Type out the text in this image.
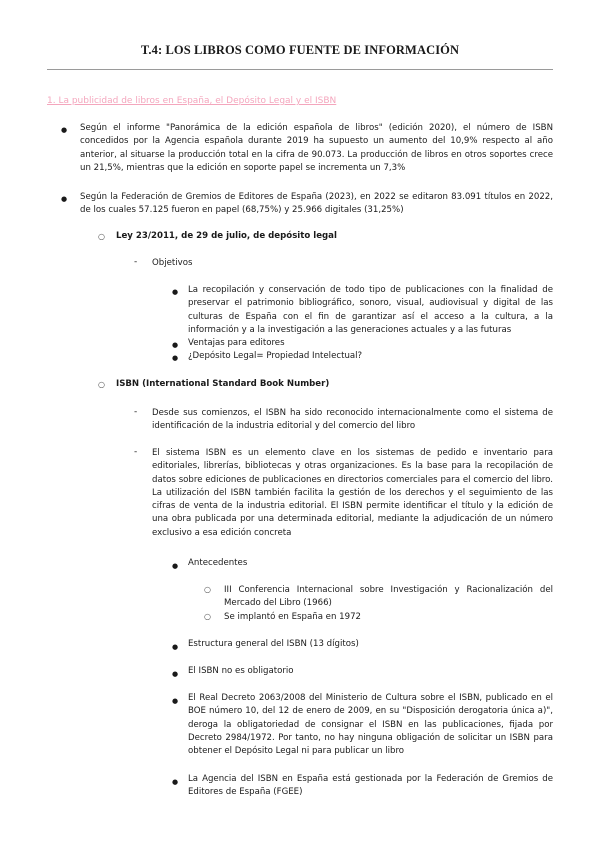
T.4: LOS LIBROS COMO FUENTE DE INFORMACIÓN
1. La publicidad de libros en España, el Depósito Legal y el ISBN
● Según el informe "Panorámica de la edición española de libros" (edición 2020), el número de ISBN concedidos por la Agencia española durante 2019 ha supuesto un aumento del 10,9% respecto al año anterior, al situarse la producción total en la cifra de 90.073. La producción de libros en otros soportes crece un 21,5%, mientras que la edición en soporte papel se incrementa un 7,3%
● Según la Federación de Gremios de Editores de España (2023), en 2022 se editaron 83.091 títulos en 2022, de los cuales 57.125 fueron en papel (68,75%) y 25.966 digitales (31,25%)
○ Ley 23/2011, de 29 de julio, de depósito legal
- Objetivos
● La recopilación y conservación de todo tipo de publicaciones con la finalidad de preservar el patrimonio bibliográfico, sonoro, visual, audiovisual y digital de las culturas de España con el fin de garantizar así el acceso a la cultura, a la información y a la investigación a las generaciones actuales y a las futuras
● Ventajas para editores
● ¿Depósito Legal= Propiedad Intelectual?
○ ISBN (International Standard Book Number)
- Desde sus comienzos, el ISBN ha sido reconocido internacionalmente como el sistema de identificación de la industria editorial y del comercio del libro
- El sistema ISBN es un elemento clave en los sistemas de pedido e inventario para editoriales, librerías, bibliotecas y otras organizaciones. Es la base para la recopilación de datos sobre ediciones de publicaciones en directorios comerciales para el comercio del libro. La utilización del ISBN también facilita la gestión de los derechos y el seguimiento de las cifras de venta de la industria editorial. El ISBN permite identificar el título y la edición de una obra publicada por una determinada editorial, mediante la adjudicación de un número exclusivo a esa edición concreta
● Antecedentes
○ III Conferencia Internacional sobre Investigación y Racionalización del Mercado del Libro (1966)
○ Se implantó en España en 1972
● Estructura general del ISBN (13 dígitos)
● El ISBN no es obligatorio
● El Real Decreto 2063/2008 del Ministerio de Cultura sobre el ISBN, publicado en el BOE número 10, del 12 de enero de 2009, en su "Disposición derogatoria única a)", deroga la obligatoriedad de consignar el ISBN en las publicaciones, fijada por Decreto 2984/1972. Por tanto, no hay ninguna obligación de solicitar un ISBN para obtener el Depósito Legal ni para publicar un libro
● La Agencia del ISBN en España está gestionada por la Federación de Gremios de Editores de España (FGEE)
